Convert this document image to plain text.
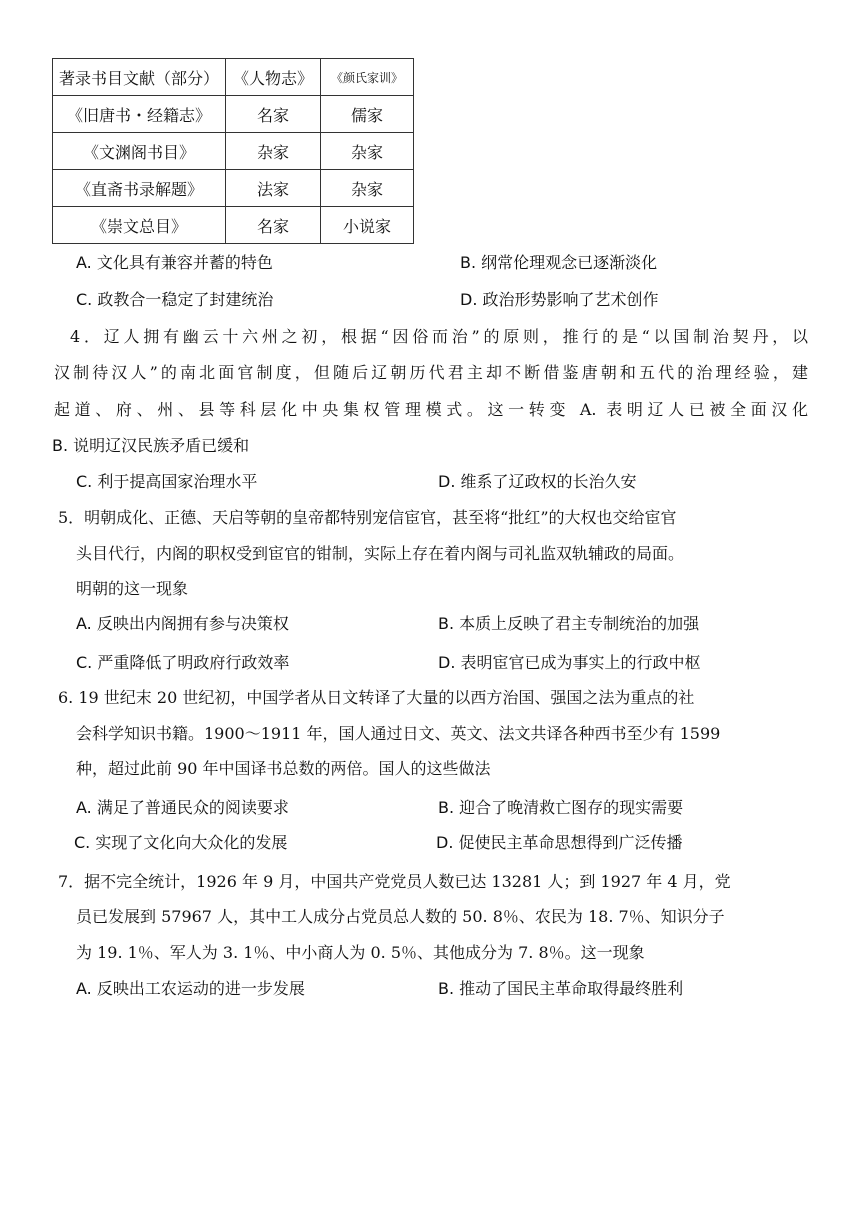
著录书目文献（部分）	《人物志》	《颜氏家训》
《旧唐书・经籍志》	名家	儒家
《文渊阁书目》	杂家	杂家
《直斋书录解题》	法家	杂家
《崇文总目》	名家	小说家
A. 文化具有兼容并蓄的特色	B. 纲常伦理观念已逐渐淡化
C. 政教合一稳定了封建统治	D. 政治形势影响了艺术创作
4．辽人拥有幽云十六州之初，根据“因俗而治”的原则，推行的是“以国制治契丹，以
汉制待汉人”的南北面官制度，但随后辽朝历代君主却不断借鉴唐朝和五代的治理经验，建
起道、府、州、县等科层化中央集权管理模式。这一转变 A. 表明辽人已被全面汉化
B. 说明辽汉民族矛盾已缓和
C. 利于提高国家治理水平	D. 维系了辽政权的长治久安
5．明朝成化、正德、天启等朝的皇帝都特别宠信宦官，甚至将“批红”的大权也交给宦官
头目代行，内阁的职权受到宦官的钳制，实际上存在着内阁与司礼监双轨辅政的局面。
明朝的这一现象
A. 反映出内阁拥有参与决策权	B. 本质上反映了君主专制统治的加强
C. 严重降低了明政府行政效率	D. 表明宦官已成为事实上的行政中枢
6. 19 世纪末 20 世纪初，中国学者从日文转译了大量的以西方治国、强国之法为重点的社
会科学知识书籍。1900～1911 年，国人通过日文、英文、法文共译各种西书至少有 1599
种，超过此前 90 年中国译书总数的两倍。国人的这些做法
A. 满足了普通民众的阅读要求	B. 迎合了晚清救亡图存的现实需要
C. 实现了文化向大众化的发展	D. 促使民主革命思想得到广泛传播
7．据不完全统计，1926 年 9 月，中国共产党党员人数已达 13281 人；到 1927 年 4 月，党
员已发展到 57967 人，其中工人成分占党员总人数的 50. 8％、农民为 18. 7％、知识分子
为 19. 1％、军人为 3. 1％、中小商人为 0. 5％、其他成分为 7. 8％。这一现象
A. 反映出工农运动的进一步发展	B. 推动了国民主革命取得最终胜利
